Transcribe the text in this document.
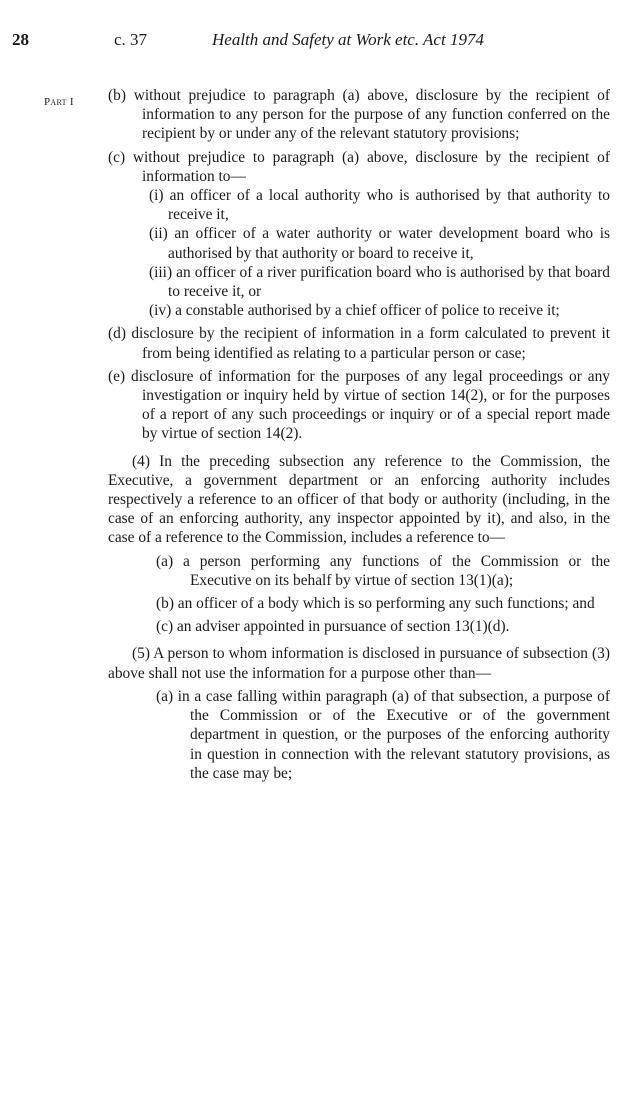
28	c. 37	Health and Safety at Work etc. Act 1974
Part I (b) without prejudice to paragraph (a) above, disclosure by the recipient of information to any person for the purpose of any function conferred on the recipient by or under any of the relevant statutory provisions;

(c) without prejudice to paragraph (a) above, disclosure by the recipient of information to—

(i) an officer of a local authority who is authorised by that authority to receive it,

(ii) an officer of a water authority or water development board who is authorised by that authority or board to receive it,

(iii) an officer of a river purification board who is authorised by that board to receive it, or

(iv) a constable authorised by a chief officer of police to receive it;

(d) disclosure by the recipient of information in a form calculated to prevent it from being identified as relating to a particular person or case;

(e) disclosure of information for the purposes of any legal proceedings or any investigation or inquiry held by virtue of section 14(2), or for the purposes of a report of any such proceedings or inquiry or of a special report made by virtue of section 14(2).

(4) In the preceding subsection any reference to the Commission, the Executive, a government department or an enforcing authority includes respectively a reference to an officer of that body or authority (including, in the case of an enforcing authority, any inspector appointed by it), and also, in the case of a reference to the Commission, includes a reference to—

(a) a person performing any functions of the Commission or the Executive on its behalf by virtue of section 13(1)(a);

(b) an officer of a body which is so performing any such functions; and

(c) an adviser appointed in pursuance of section 13(1)(d).

(5) A person to whom information is disclosed in pursuance of subsection (3) above shall not use the information for a purpose other than—

(a) in a case falling within paragraph (a) of that subsection, a purpose of the Commission or of the Executive or of the government department in question, or the purposes of the enforcing authority in question in connection with the relevant statutory provisions, as the case may be;
